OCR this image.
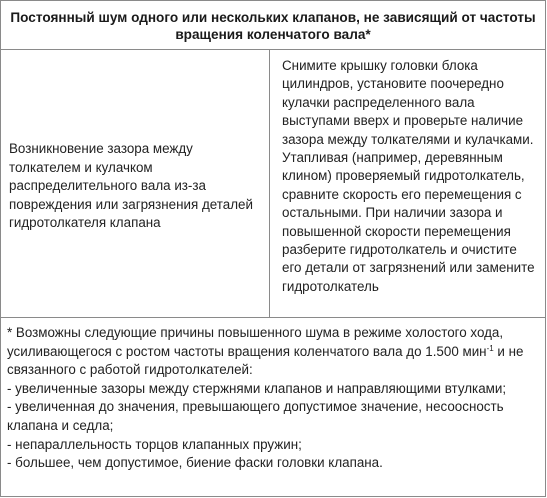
Постоянный шум одного или нескольких клапанов, не зависящий от частоты вращения коленчатого вала*
Возникновение зазора между толкателем и кулачком распределительного вала из-за повреждения или загрязнения деталей гидротолкателя клапана
Снимите крышку головки блока цилиндров, установите поочередно кулачки распределенного вала выступами вверх и проверьте наличие зазора между толкателями и кулачками. Утапливая (например, деревянным клином) проверяемый гидротолкатель, сравните скорость его перемещения с остальными. При наличии зазора и повышенной скорости перемещения разберите гидротолкатель и очистите его детали от загрязнений или замените гидротолкатель

* Возможны следующие причины повышенного шума в режиме холостого хода, усиливающегося с ростом частоты вращения коленчатого вала до 1.500 мин$^{-1}$ и не связанного с работой гидротолкателей:

- увеличенные зазоры между стержнями клапанов и направляющими втулками;

- увеличенная до значения, превышающего допустимое значение, несоосность клапана и седла;

- непараллельность торцов клапанных пружин;

- большее, чем допустимое, биение фаски головки клапана.
